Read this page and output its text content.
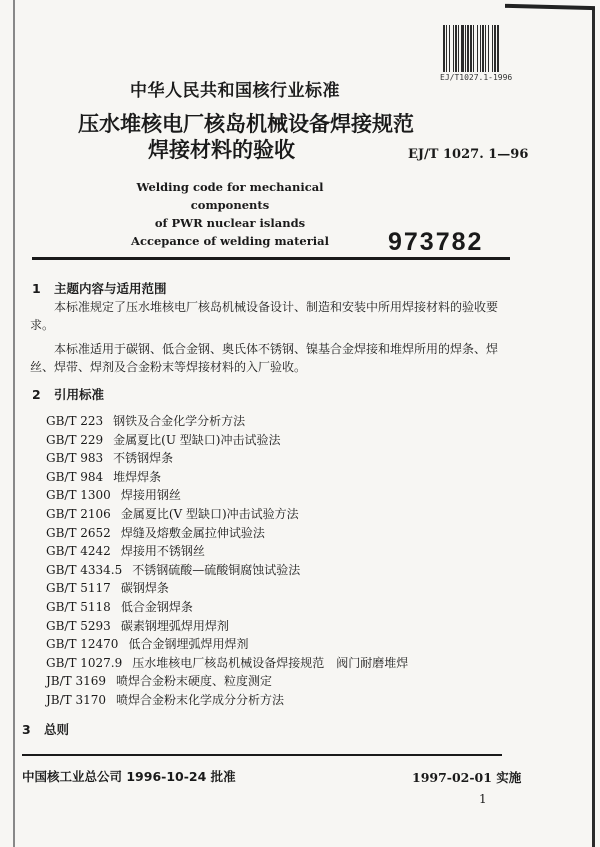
EJ/T1027.1-1996
中华人民共和国核行业标准
压水堆核电厂核岛机械设备焊接规范
焊接材料的验收	EJ/T 1027. 1—96
Welding code for mechanical components
of PWR nuclear islands
Accepance of welding material	973782
1 主题内容与适用范围
本标准规定了压水堆核电厂核岛机械设备设计、制造和安装中所用焊接材料的验收要求。
本标准适用于碳钢、低合金钢、奥氏体不锈钢、镍基合金焊接和堆焊所用的焊条、焊丝、焊带、焊剂及合金粉末等焊接材料的入厂验收。
2 引用标准
GB/T 223 钢铁及合金化学分析方法
GB/T 229 金属夏比(U 型缺口)冲击试验法
GB/T 983 不锈钢焊条
GB/T 984 堆焊焊条
GB/T 1300 焊接用钢丝
GB/T 2106 金属夏比(V 型缺口)冲击试验方法
GB/T 2652 焊缝及熔敷金属拉伸试验法
GB/T 4242 焊接用不锈钢丝
GB/T 4334.5 不锈钢硫酸—硫酸铜腐蚀试验法
GB/T 5117 碳钢焊条
GB/T 5118 低合金钢焊条
GB/T 5293 碳素钢埋弧焊用焊剂
GB/T 12470 低合金钢埋弧焊用焊剂
GB/T 1027.9 压水堆核电厂核岛机械设备焊接规范　阀门耐磨堆焊
JB/T 3169 喷焊合金粉末硬度、粒度测定
JB/T 3170 喷焊合金粉末化学成分分析方法
3 总则
中国核工业总公司 1996-10-24 批准	1997-02-01 实施
1
